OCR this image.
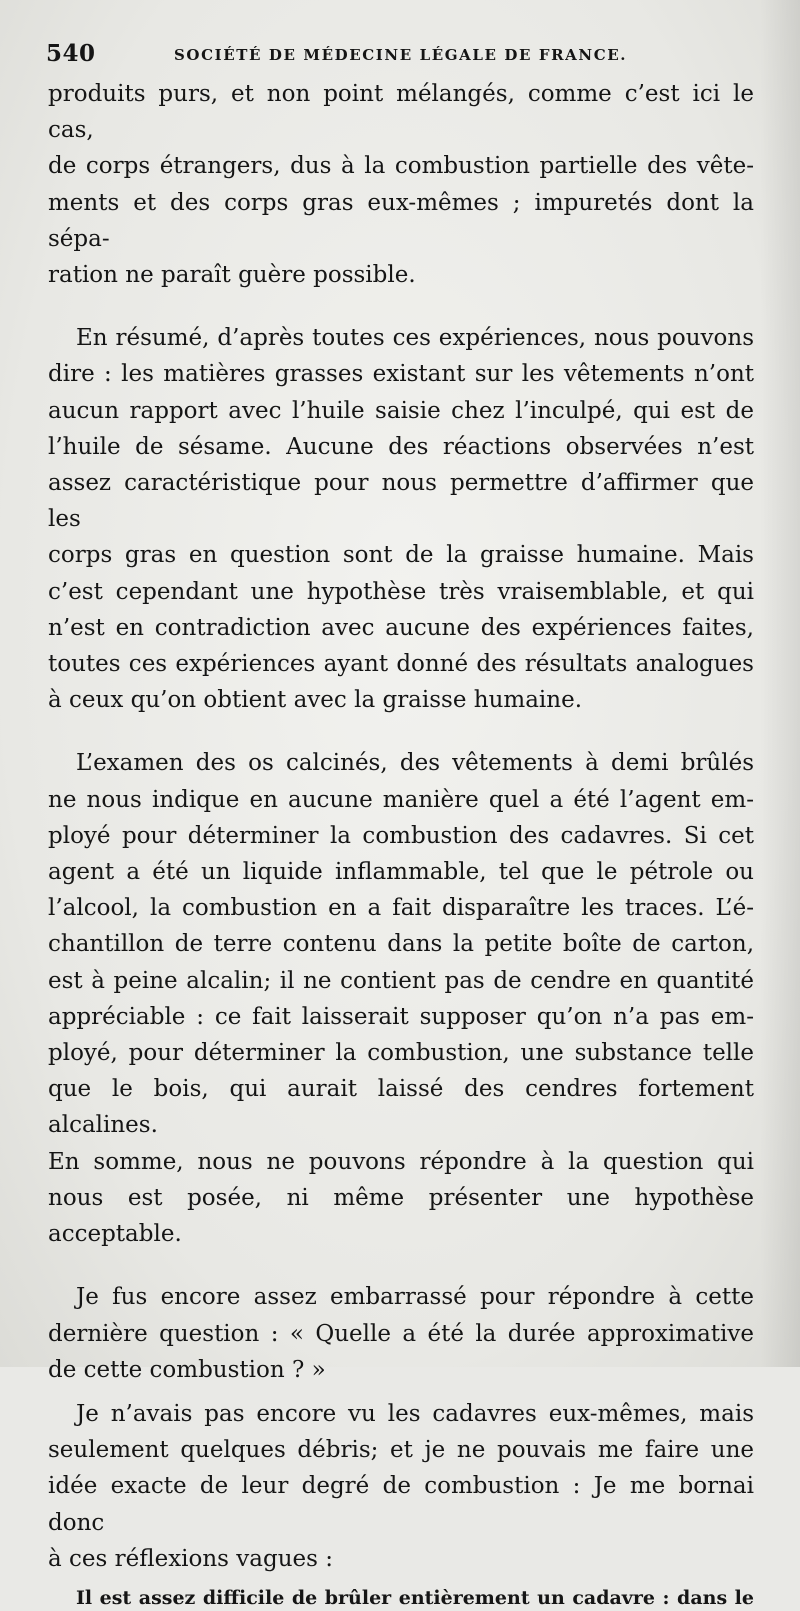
540	SOCIÉTÉ DE MÉDECINE LÉGALE DE FRANCE.

produits purs, et non point mélangés, comme c’est ici le cas,

de corps étrangers, dus à la combustion partielle des vête-

ments et des corps gras eux-mêmes ; impuretés dont la sépa-

ration ne paraît guère possible.

En résumé, d’après toutes ces expériences, nous pouvons

dire : les matières grasses existant sur les vêtements n’ont

aucun rapport avec l’huile saisie chez l’inculpé, qui est de

l’huile de sésame. Aucune des réactions observées n’est

assez caractéristique pour nous permettre d’affirmer que les

corps gras en question sont de la graisse humaine. Mais

c’est cependant une hypothèse très vraisemblable, et qui

n’est en contradiction avec aucune des expériences faites,

toutes ces expériences ayant donné des résultats analogues

à ceux qu’on obtient avec la graisse humaine.

L’examen des os calcinés, des vêtements à demi brûlés

ne nous indique en aucune manière quel a été l’agent em-

ployé pour déterminer la combustion des cadavres. Si cet

agent a été un liquide inflammable, tel que le pétrole ou

l’alcool, la combustion en a fait disparaître les traces. L’é-

chantillon de terre contenu dans la petite boîte de carton,

est à peine alcalin; il ne contient pas de cendre en quantité

appréciable : ce fait laisserait supposer qu’on n’a pas em-

ployé, pour déterminer la combustion, une substance telle

que le bois, qui aurait laissé des cendres fortement alcalines.

En somme, nous ne pouvons répondre à la question qui

nous est posée, ni même présenter une hypothèse acceptable.

Je fus encore assez embarrassé pour répondre à cette

dernière question : « Quelle a été la durée approximative

de cette combustion ? »

Je n’avais pas encore vu les cadavres eux-mêmes, mais

seulement quelques débris; et je ne pouvais me faire une

idée exacte de leur degré de combustion : Je me bornai donc

à ces réflexions vagues :

Il est assez difficile de brûler entièrement un cadavre : dans le
